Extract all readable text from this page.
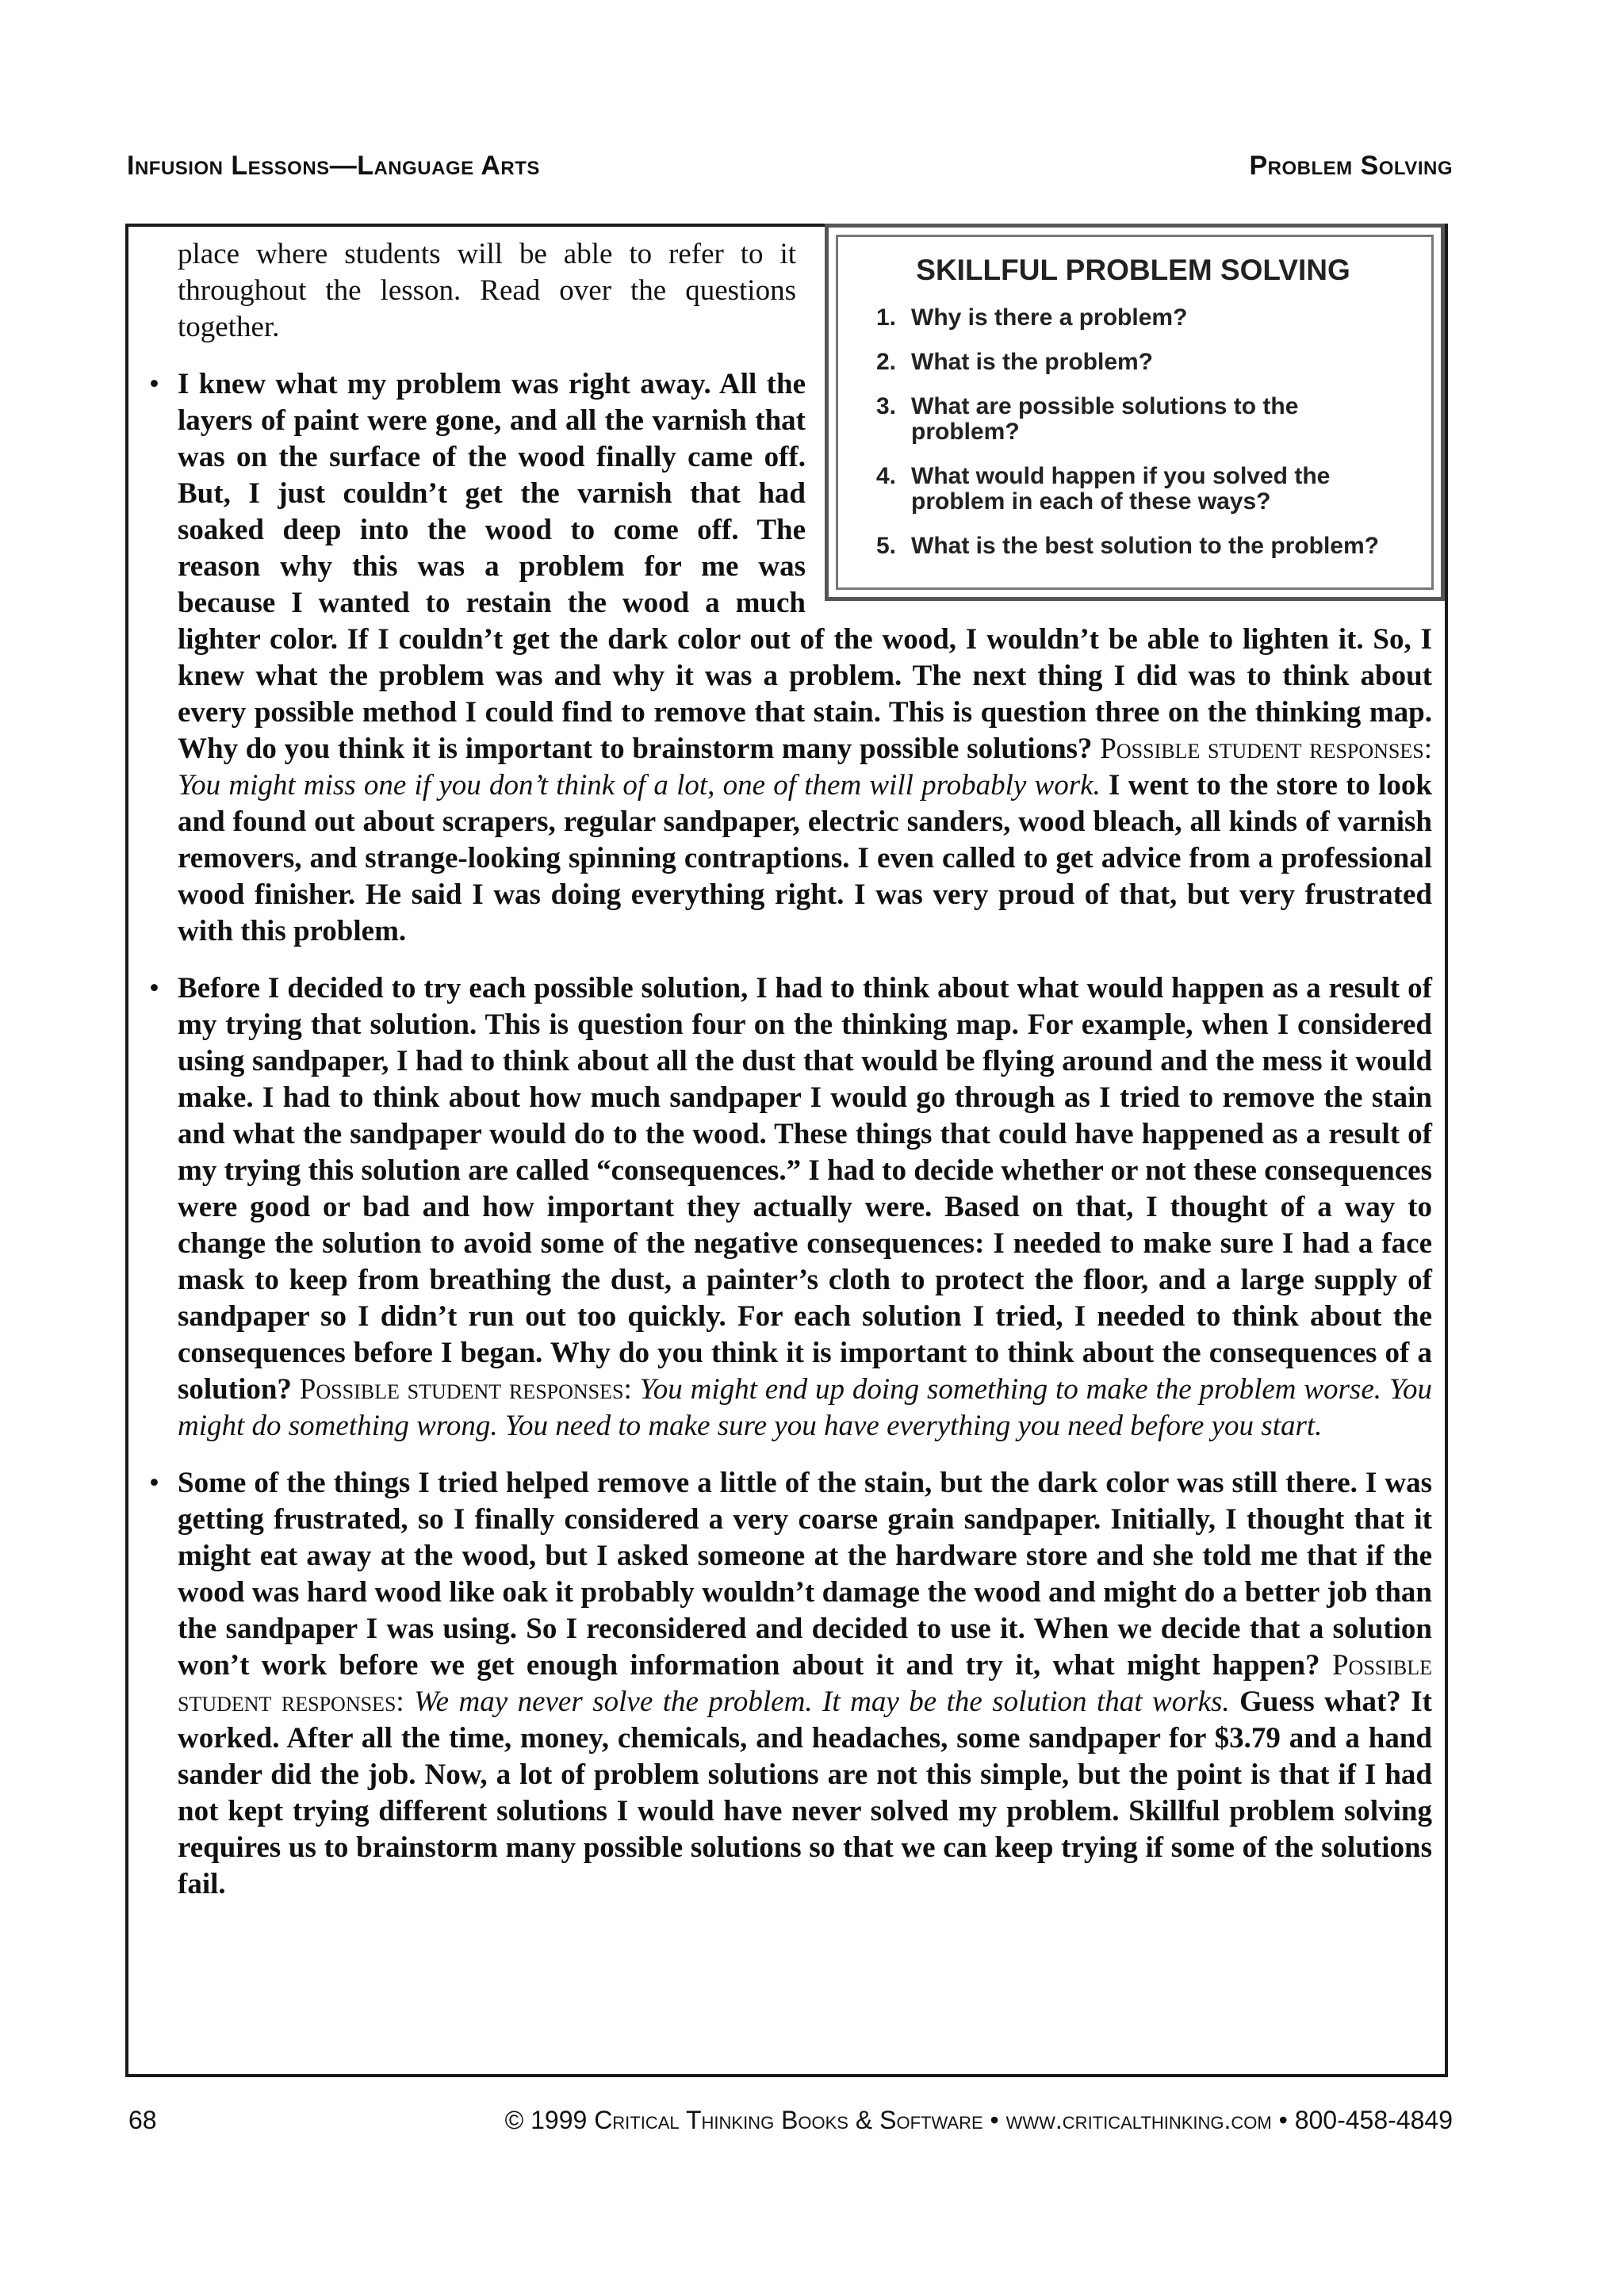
Infusion Lessons—Language Arts	Problem Solving
SKILLFUL PROBLEM SOLVING
1. Why is there a problem?
2. What is the problem?
3. What are possible solutions to the problem?
4. What would happen if you solved the problem in each of these ways?
5. What is the best solution to the problem?

place where students will be able to refer to it throughout the lesson. Read over the questions together.

• I knew what my problem was right away. All the layers of paint were gone, and all the varnish that was on the surface of the wood finally came off. But, I just couldn’t get the varnish that had soaked deep into the wood to come off. The reason why this was a problem for me was because I wanted to restain the wood a much lighter color. If I couldn’t get the dark color out of the wood, I wouldn’t be able to lighten it. So, I knew what the problem was and why it was a problem. The next thing I did was to think about every possible method I could find to remove that stain. This is question three on the thinking map. Why do you think it is important to brainstorm many possible solutions? Possible student responses: You might miss one if you don’t think of a lot, one of them will probably work. I went to the store to look and found out about scrapers, regular sandpaper, electric sanders, wood bleach, all kinds of varnish removers, and strange-looking spinning contraptions. I even called to get advice from a professional wood finisher. He said I was doing everything right. I was very proud of that, but very frustrated with this problem.
• Before I decided to try each possible solution, I had to think about what would happen as a result of my trying that solution. This is question four on the thinking map. For example, when I considered using sandpaper, I had to think about all the dust that would be flying around and the mess it would make. I had to think about how much sandpaper I would go through as I tried to remove the stain and what the sandpaper would do to the wood. These things that could have happened as a result of my trying this solution are called “consequences.” I had to decide whether or not these consequences were good or bad and how important they actually were. Based on that, I thought of a way to change the solution to avoid some of the negative consequences: I needed to make sure I had a face mask to keep from breathing the dust, a painter’s cloth to protect the floor, and a large supply of sandpaper so I didn’t run out too quickly. For each solution I tried, I needed to think about the consequences before I began. Why do you think it is important to think about the consequences of a solution? Possible student responses: You might end up doing something to make the problem worse. You might do something wrong. You need to make sure you have everything you need before you start.
• Some of the things I tried helped remove a little of the stain, but the dark color was still there. I was getting frustrated, so I finally considered a very coarse grain sandpaper. Initially, I thought that it might eat away at the wood, but I asked someone at the hardware store and she told me that if the wood was hard wood like oak it probably wouldn’t damage the wood and might do a better job than the sandpaper I was using. So I reconsidered and decided to use it. When we decide that a solution won’t work before we get enough information about it and try it, what might happen? Possible student responses: We may never solve the problem. It may be the solution that works. Guess what? It worked. After all the time, money, chemicals, and headaches, some sandpaper for $3.79 and a hand sander did the job. Now, a lot of problem solutions are not this simple, but the point is that if I had not kept trying different solutions I would have never solved my problem. Skillful problem solving requires us to brainstorm many possible solutions so that we can keep trying if some of the solutions fail.
68	© 1999 Critical Thinking Books & Software • www.criticalthinking.com • 800-458-4849
